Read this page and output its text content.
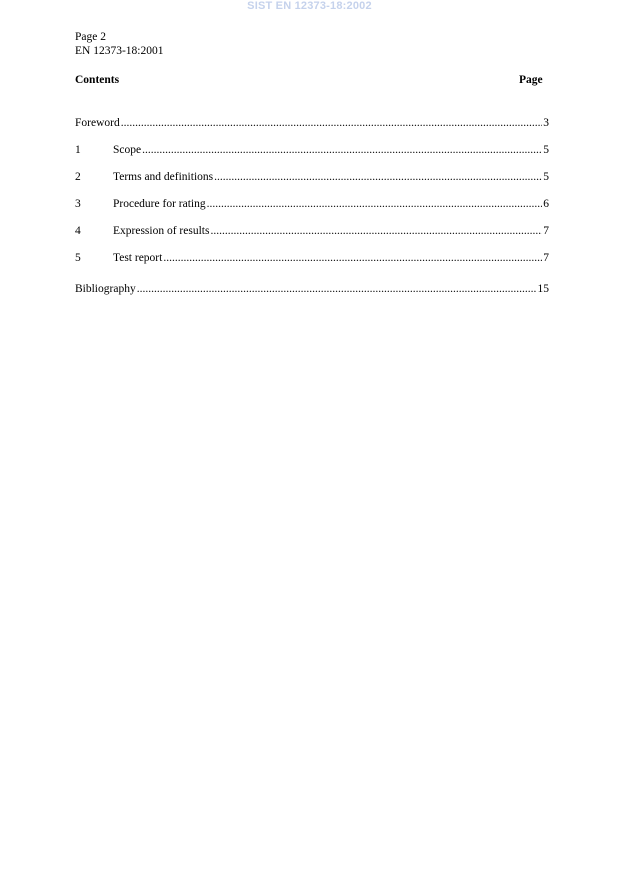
SIST EN 12373-18:2002
Page 2
EN 12373-18:2001
Contents	Page
Foreword .....	3
1	Scope .....	5
2	Terms and definitions .....	5
3	Procedure for rating .....	6
4	Expression of results .....	7
5	Test report .....	7
Bibliography .....	15
